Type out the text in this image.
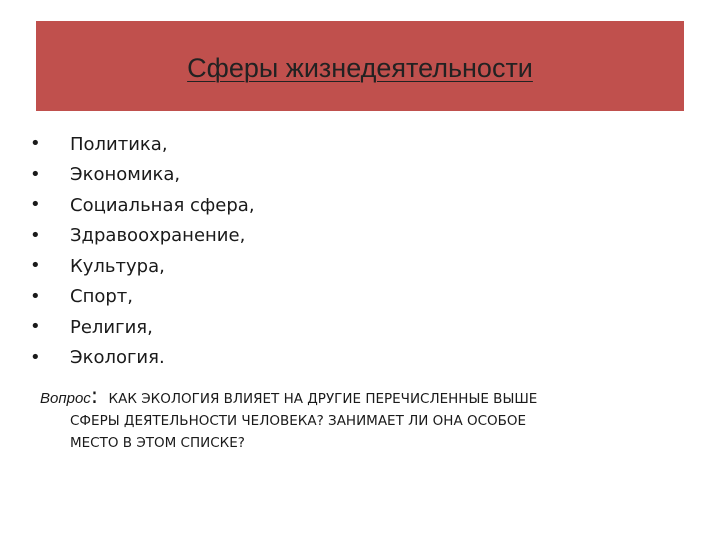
Сферы жизнедеятельности
•	Политика,
•	Экономика,
•	Социальная сфера,
•	Здравоохранение,
•	Культура,
•	Спорт,
•	Религия,
•	Экология.
Вопрос: КАК ЭКОЛОГИЯ ВЛИЯЕТ НА ДРУГИЕ ПЕРЕЧИСЛЕННЫЕ ВЫШЕ
СФЕРЫ ДЕЯТЕЛЬНОСТИ ЧЕЛОВЕКА? ЗАНИМАЕТ ЛИ ОНА ОСОБОЕ
МЕСТО В ЭТОМ СПИСКЕ?
